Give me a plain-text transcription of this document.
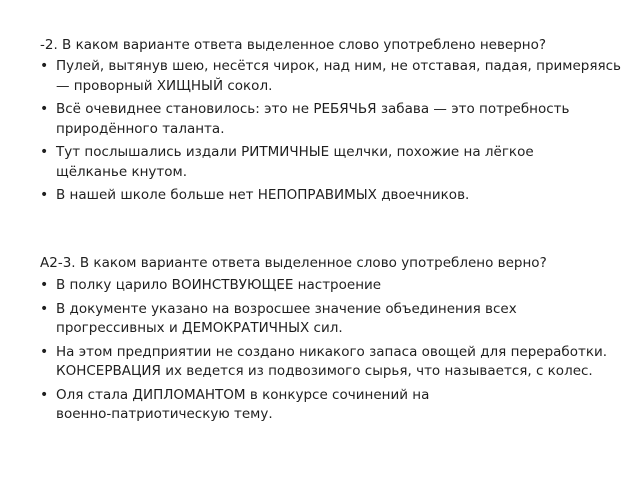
-2. В каком варианте ответа выделенное слово употреблено неверно?

• Пулей, вытянув шею, несётся чирок, над ним, не отставая, падая, примеряясь
— проворный ХИЩНЫЙ сокол.
• Всё очевиднее становилось: это не РЕБЯЧЬЯ забава — это потребность
природённого таланта.
• Тут послышались издали РИТМИЧНЫЕ щелчки, похожие на лёгкое
щёлканье кнутом.
• В нашей школе больше нет НЕПОПРАВИМЫХ двоечников.

А2-3. В каком варианте ответа выделенное слово употреблено верно?

• В полку царило ВОИНСТВУЮЩЕЕ настроение
• В документе указано на возросшее значение объединения всех
прогрессивных и ДЕМОКРАТИЧНЫХ сил.
• На этом предприятии не создано никакого запаса овощей для переработки.
КОНСЕРВАЦИЯ их ведется из подвозимого сырья, что называется, с колес.
• Оля стала ДИПЛОМАНТОМ в конкурсе сочинений на
военно-патриотическую тему.
